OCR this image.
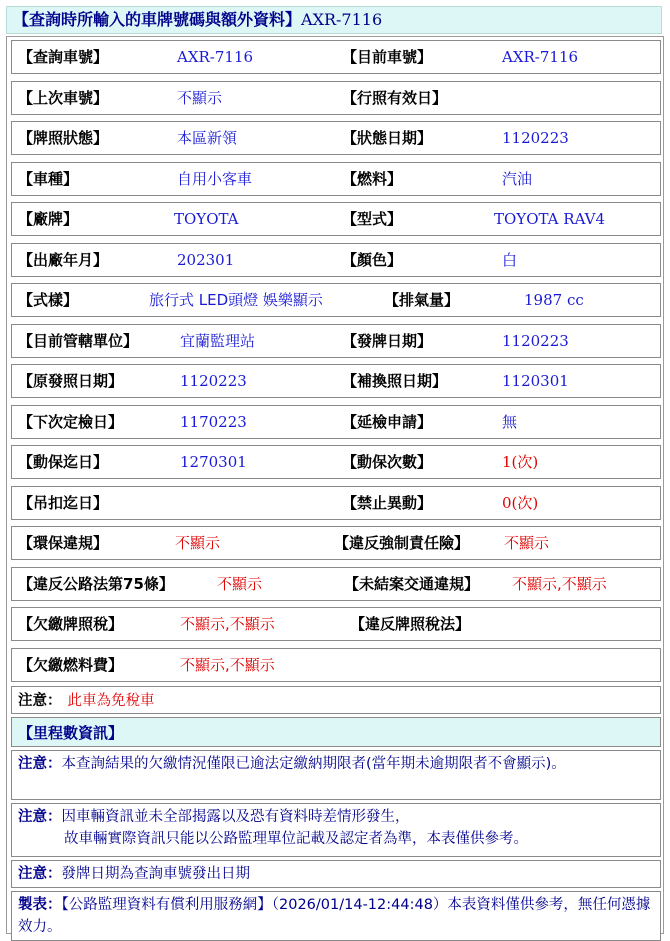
【查詢時所輸入的車牌號碼與額外資料】AXR-7116
【查詢車號】	AXR-7116	【目前車號】	AXR-7116
【上次車號】	不顯示	【行照有效日】
【牌照狀態】	本區新領	【狀態日期】	1120223
【車種】	自用小客車	【燃料】	汽油
【廠牌】	TOYOTA	【型式】	TOYOTA RAV4
【出廠年月】	202301	【顏色】	白
【式樣】	旅行式 LED頭燈 娛樂顯示	【排氣量】	1987 cc
【目前管轄單位】	宜蘭監理站	【發牌日期】	1120223
【原發照日期】	1120223	【補換照日期】	1120301
【下次定檢日】	1170223	【延檢申請】	無
【動保迄日】	1270301	【動保次數】	1(次)
【吊扣迄日】	【禁止異動】	0(次)
【環保違規】	不顯示	【違反強制責任險】 不顯示
【違反公路法第75條】	不顯示	【未結案交通違規】 不顯示,不顯示
【欠繳牌照稅】	不顯示,不顯示	【違反牌照稅法】
【欠繳燃料費】	不顯示,不顯示
注意： 此車為免稅車
【里程數資訊】
注意：本查詢結果的欠繳情況僅限已逾法定繳納期限者(當年期未逾期限者不會顯示)。
注意：因車輛資訊並未全部揭露以及恐有資料時差情形發生，
故車輛實際資訊只能以公路監理單位記載及認定者為準，本表僅供參考。
注意：發牌日期為查詢車號發出日期
製表：【公路監理資料有償利用服務網】（2026/01/14-12:44:48）本表資料僅供參考，無任何憑據效力。
